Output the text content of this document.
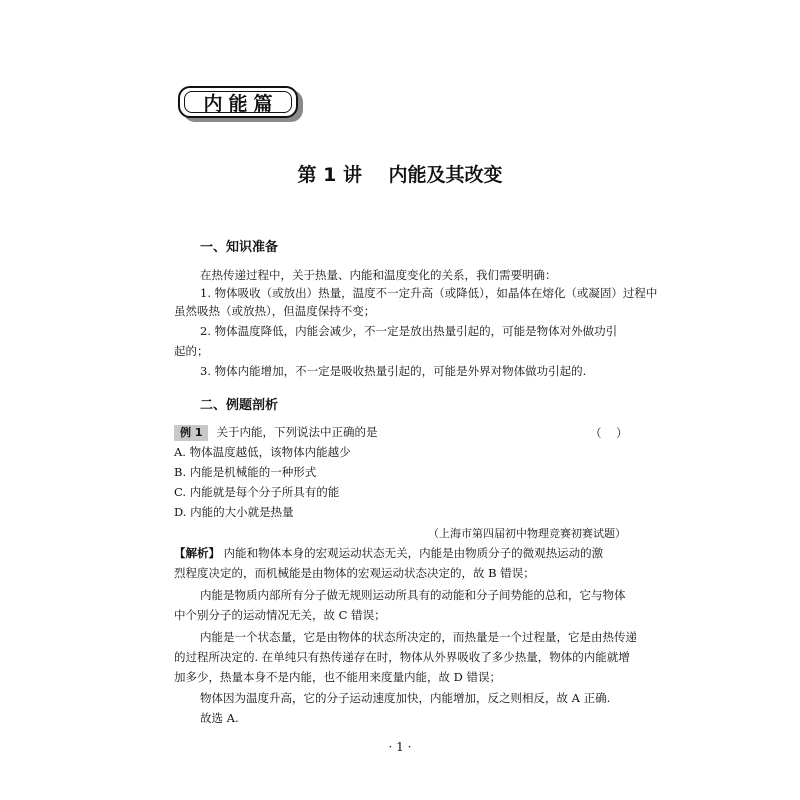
内能篇
第 1 讲    内能及其改变
一、知识准备
在热传递过程中，关于热量、内能和温度变化的关系，我们需要明确：
1. 物体吸收（或放出）热量，温度不一定升高（或降低），如晶体在熔化（或凝固）过程中
虽然吸热（或放热），但温度保持不变；
2. 物体温度降低，内能会减少，不一定是放出热量引起的，可能是物体对外做功引
起的；
3. 物体内能增加，不一定是吸收热量引起的，可能是外界对物体做功引起的.
二、例题剖析
例 1 关于内能，下列说法中正确的是	（    ）
A. 物体温度越低，该物体内能越少
B. 内能是机械能的一种形式
C. 内能就是每个分子所具有的能
D. 内能的大小就是热量
（上海市第四届初中物理竞赛初赛试题）
【解析】 内能和物体本身的宏观运动状态无关，内能是由物质分子的微观热运动的激
烈程度决定的，而机械能是由物体的宏观运动状态决定的，故 B 错误；
内能是物质内部所有分子做无规则运动所具有的动能和分子间势能的总和，它与物体
中个别分子的运动情况无关，故 C 错误；
内能是一个状态量，它是由物体的状态所决定的，而热量是一个过程量，它是由热传递
的过程所决定的. 在单纯只有热传递存在时，物体从外界吸收了多少热量，物体的内能就增
加多少，热量本身不是内能，也不能用来度量内能，故 D 错误；
物体因为温度升高，它的分子运动速度加快，内能增加，反之则相反，故 A 正确.
故选 A.
· 1 ·
